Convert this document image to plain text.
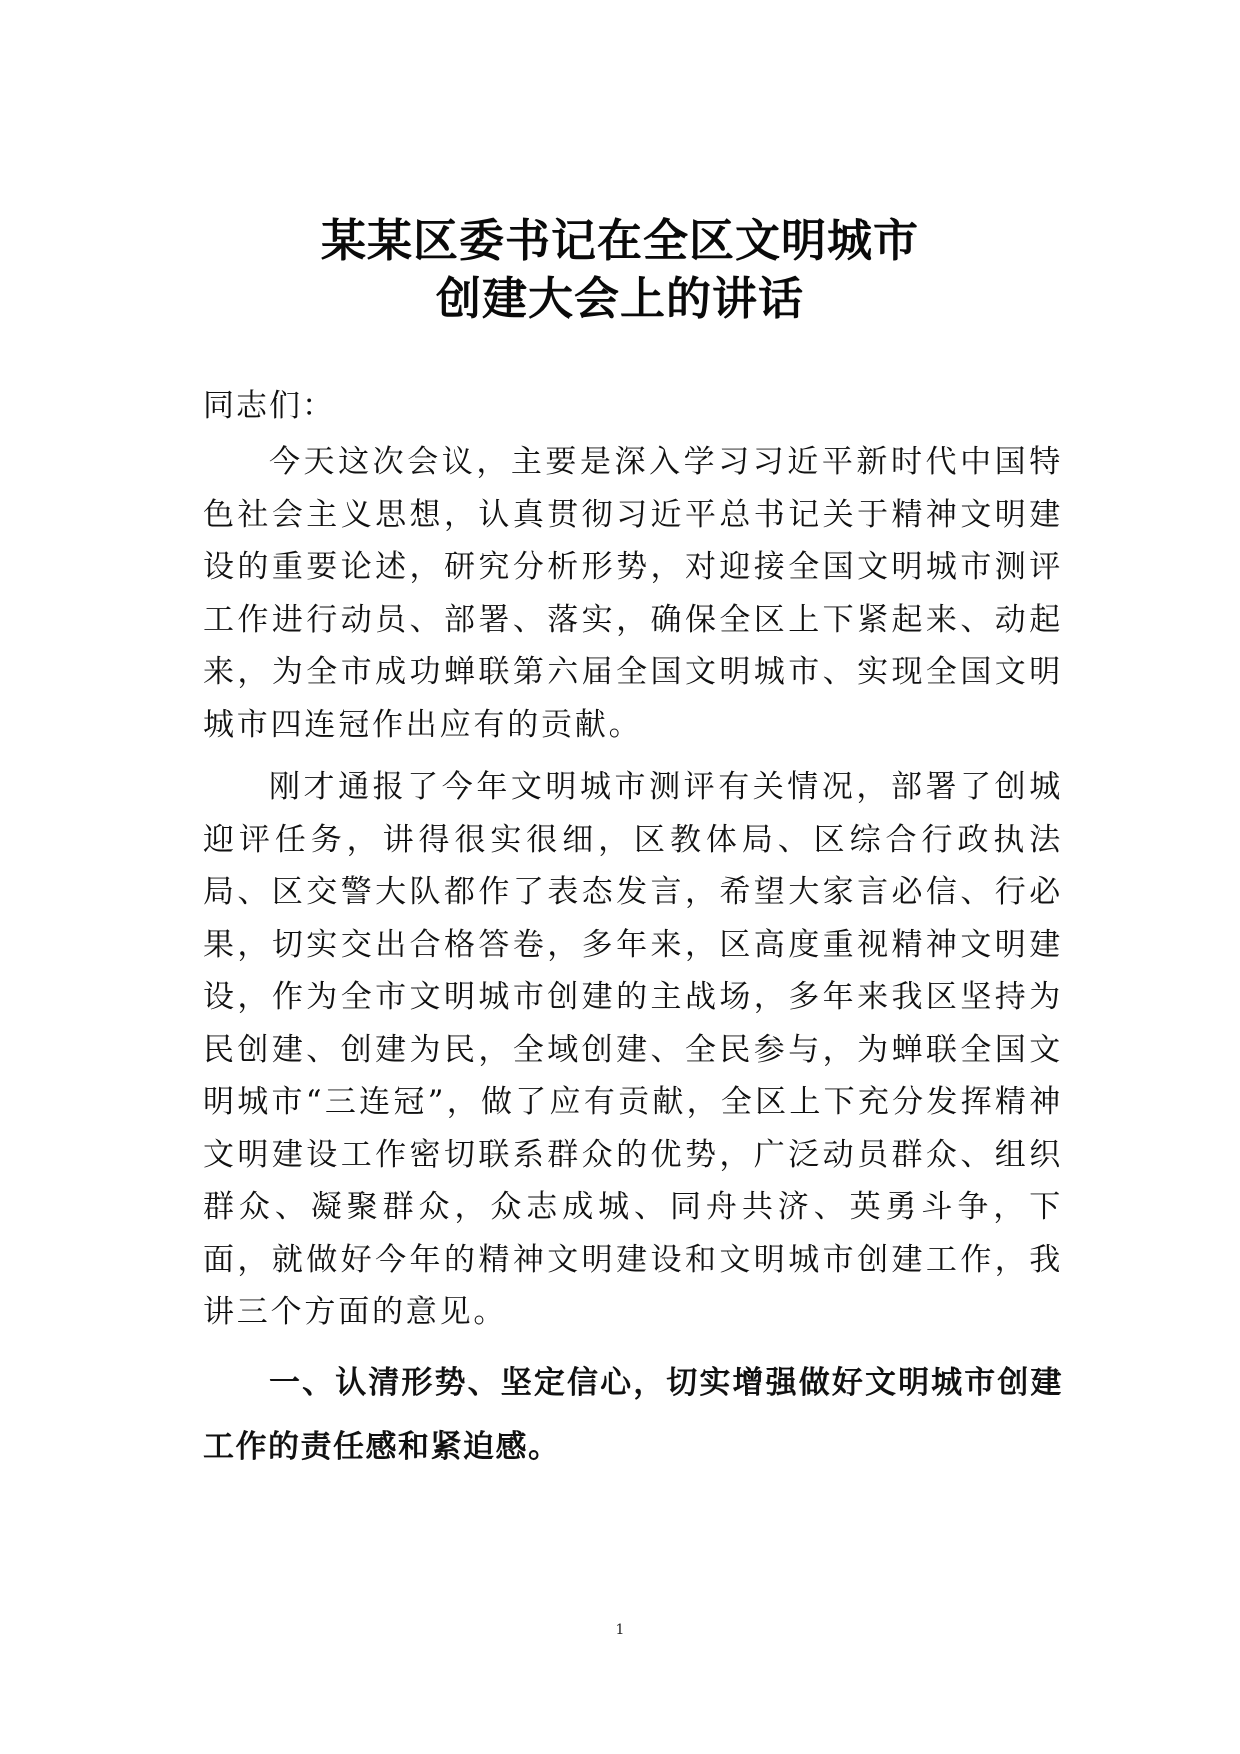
某某区委书记在全区文明城市
创建大会上的讲话

同志们：

今天这次会议，主要是深入学习习近平新时代中国特色社会主义思想，认真贯彻习近平总书记关于精神文明建设的重要论述，研究分析形势，对迎接全国文明城市测评工作进行动员、部署、落实，确保全区上下紧起来、动起来，为全市成功蝉联第六届全国文明城市、实现全国文明城市四连冠作出应有的贡献。

刚才通报了今年文明城市测评有关情况，部署了创城迎评任务，讲得很实很细，区教体局、区综合行政执法局、区交警大队都作了表态发言，希望大家言必信、行必果，切实交出合格答卷，多年来，区高度重视精神文明建设，作为全市文明城市创建的主战场，多年来我区坚持为民创建、创建为民，全域创建、全民参与，为蝉联全国文明城市“三连冠”，做了应有贡献，全区上下充分发挥精神文明建设工作密切联系群众的优势，广泛动员群众、组织群众、凝聚群众，众志成城、同舟共济、英勇斗争，下面，就做好今年的精神文明建设和文明城市创建工作，我讲三个方面的意见。

一、认清形势、坚定信心，切实增强做好文明城市创建工作的责任感和紧迫感。

1
